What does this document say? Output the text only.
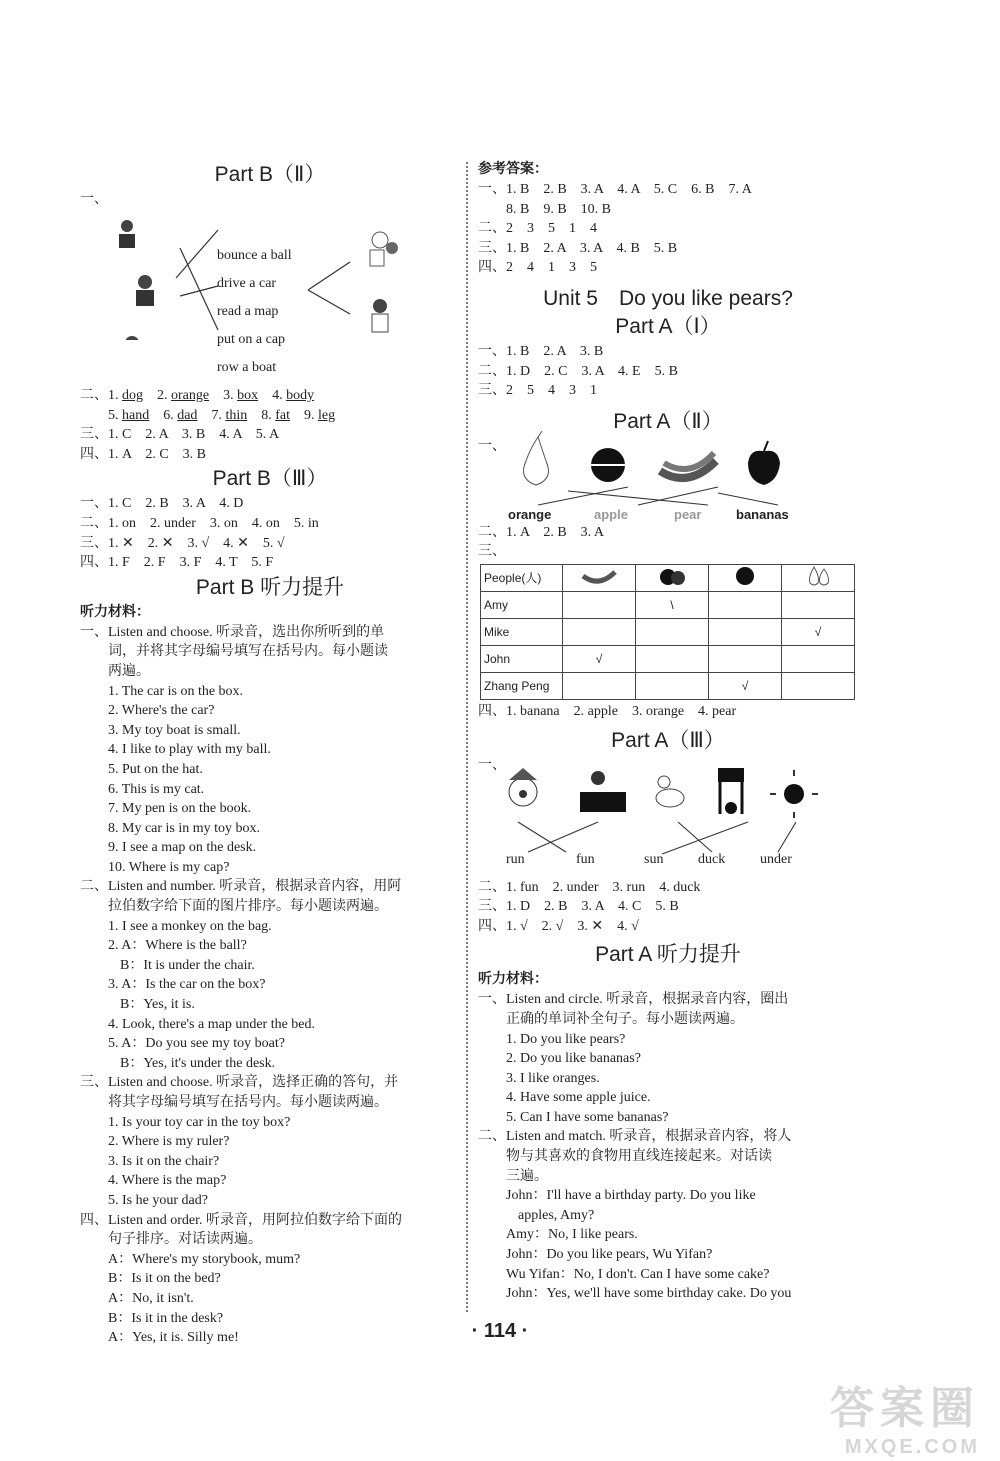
Part B（Ⅱ）
一、
bounce a ball
drive a car
read a map
put on a cap
row a boat
二、1. dog　 2. orange　 3. box　 4. body
5. hand　 6. dad　 7. thin　 8. fat　 9. leg
三、1. C　2. A　3. B　4. A　5. A
四、1. A　2. C　3. B
Part B（Ⅲ）
一、1. C　2. B　3. A　4. D
二、1. on　2. under　3. on　4. on　5. in
三、1. ✕　2. ✕　3. √　4. ✕　5. √
四、1. F　2. F　3. F　4. T　5. F
Part B 听力提升
听力材料：
一、Listen and choose. 听录音，选出你所听到的单
词，并将其字母编号填写在括号内。每小题读
两遍。
1. The car is on the box.
2. Where's the car?
3. My toy boat is small.
4. I like to play with my ball.
5. Put on the hat.
6. This is my cat.
7. My pen is on the book.
8. My car is in my toy box.
9. I see a map on the desk.
10. Where is my cap?
二、Listen and number. 听录音，根据录音内容，用阿
拉伯数字给下面的图片排序。每小题读两遍。
1. I see a monkey on the bag.
2. A：Where is the ball?
B：It is under the chair.
3. A：Is the car on the box?
B：Yes, it is.
4. Look, there's a map under the bed.
5. A：Do you see my toy boat?
B：Yes, it's under the desk.
三、Listen and choose. 听录音，选择正确的答句，并
将其字母编号填写在括号内。每小题读两遍。
1. Is your toy car in the toy box?
2. Where is my ruler?
3. Is it on the chair?
4. Where is the map?
5. Is he your dad?
四、Listen and order. 听录音，用阿拉伯数字给下面的
句子排序。对话读两遍。
A：Where's my storybook, mum?
B：Is it on the bed?
A：No, it isn't.
B：Is it in the desk?
A：Yes, it is. Silly me!
参考答案：
一、1. B　2. B　3. A　4. A　5. C　6. B　7. A
8. B　9. B　10. B
二、2　3　5　1　4
三、1. B　2. A　3. A　4. B　5. B
四、2　4　1　3　5
Unit 5　Do you like pears?
Part A（Ⅰ）
一、1. B　2. A　3. B
二、1. D　2. C　3. A　4. E　5. B
三、2　5　4　3　1
Part A（Ⅱ）
一、
orange	apple	pear	bananas
二、1. A　2. B　3. A
三、
People(人)				
Amy		\		
Mike				√
John	√			
Zhang Peng			√	
四、1. banana　2. apple　3. orange　4. pear
Part A（Ⅲ）
一、
run	fun	sun duck under
二、1. fun　2. under　3. run　4. duck
三、1. D　2. B　3. A　4. C　5. B
四、1. √　2. √　3. ✕　4. √
Part A 听力提升
听力材料：
一、Listen and circle. 听录音，根据录音内容，圈出
正确的单词补全句子。每小题读两遍。
1. Do you like pears?
2. Do you like bananas?
3. I like oranges.
4. Have some apple juice.
5. Can I have some bananas?
二、Listen and match. 听录音，根据录音内容，将人
物与其喜欢的食物用直线连接起来。对话读
三遍。
John：I'll have a birthday party. Do you like
apples, Amy?
Amy：No, I like pears.
John：Do you like pears, Wu Yifan?
Wu Yifan：No, I don't. Can I have some cake?
John：Yes, we'll have some birthday cake. Do you
· 114 ·
答案圈
MXQE.COM
